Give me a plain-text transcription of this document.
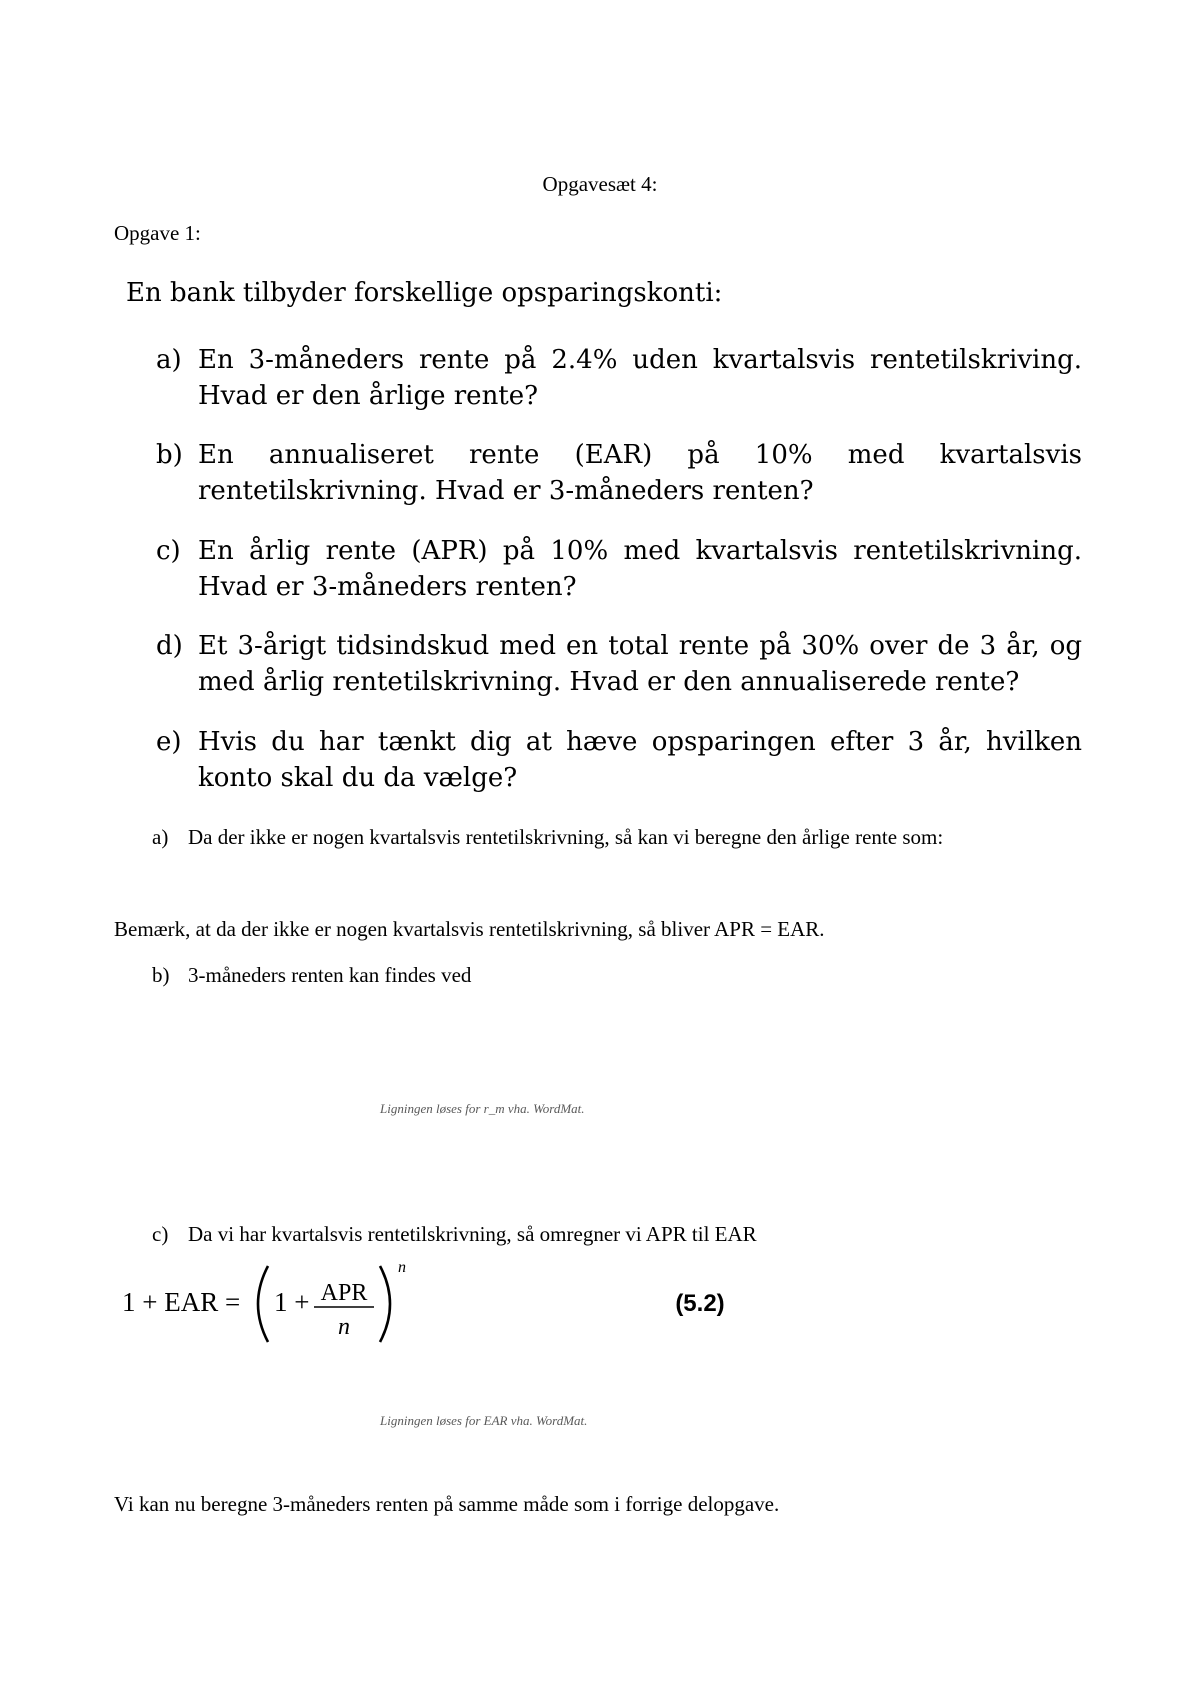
Opgavesæt 4:
Opgave 1:
En bank tilbyder forskellige opsparingskonti:
a) En 3-måneders rente på 2.4% uden kvartalsvis rentetilskriving. Hvad er den årlige rente?
b) En annualiseret rente (EAR) på 10% med kvartalsvis rentetilskrivning. Hvad er 3-måneders renten?
c) En årlig rente (APR) på 10% med kvartalsvis rentetilskrivning. Hvad er 3-måneders renten?
d) Et 3-årigt tidsindskud med en total rente på 30% over de 3 år, og med årlig rentetilskrivning. Hvad er den annualiserede rente?
e) Hvis du har tænkt dig at hæve opsparingen efter 3 år, hvilken konto skal du da vælge?
a) Da der ikke er nogen kvartalsvis rentetilskrivning, så kan vi beregne den årlige rente som:
Bemærk, at da der ikke er nogen kvartalsvis rentetilskrivning, så bliver APR = EAR.
b) 3-måneders renten kan findes ved
Ligningen løses for r_m vha. WordMat.
c) Da vi har kvartalsvis rentetilskrivning, så omregner vi APR til EAR
1 + EAR = 1 + APR
n
n
(5.2)
Ligningen løses for EAR vha. WordMat.
Vi kan nu beregne 3-måneders renten på samme måde som i forrige delopgave.
